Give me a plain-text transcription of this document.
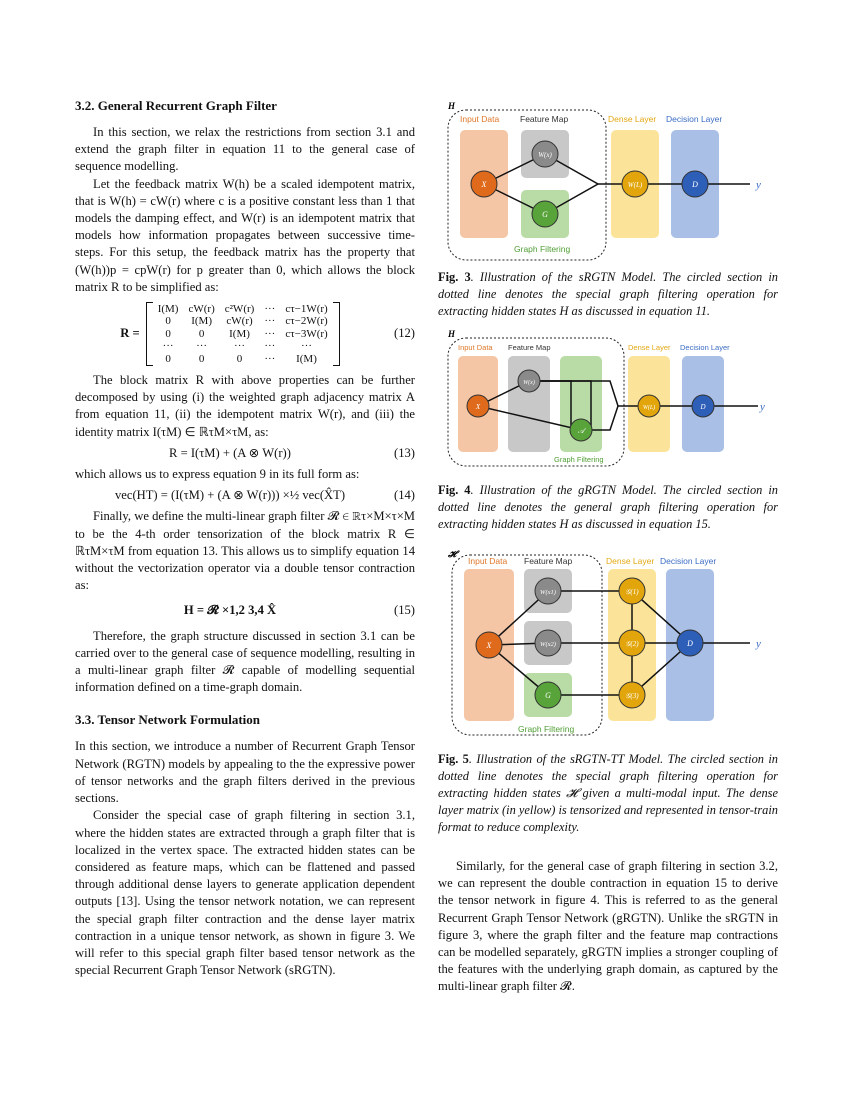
3.2. General Recurrent Graph Filter

In this section, we relax the restrictions from section 3.1 and extend the graph filter in equation 11 to the general case of sequence modelling.

Let the feedback matrix W(h) be a scaled idempotent matrix, that is W(h) = cW(r) where c is a positive constant less than 1 that models the damping effect, and W(r) is an idempotent matrix that models how information propagates between successive time-steps. For this setup, the feedback matrix has the property that (W(h))p = cpW(r) for p greater than 0, which allows the block matrix R to be simplified as:

R =
I(M)	cW(r)	c²W(r)	···	cτ−1W(r)
0	I(M)	cW(r)	···	cτ−2W(r)
0	0	I(M)	···	cτ−3W(r)
···	···	···	···	···
0	0	0	···	I(M)
(12)

The block matrix R with above properties can be further decomposed by using (i) the weighted graph adjacency matrix A from equation 11, (ii) the idempotent matrix W(r), and (iii) the identity matrix I(τM) ∈ ℝτM×τM, as:

R = I(τM) + (A ⊗ W(r))	(13)

which allows us to express equation 9 in its full form as:

vec(HT) = (I(τM) + (A ⊗ W(r))) ×½ vec(X̂T)	(14)

Finally, we define the multi-linear graph filter 𝓡 ∈ ℝτ×M×τ×M to be the 4-th order tensorization of the block matrix R ∈ ℝτM×τM from equation 13. This allows us to simplify equation 14 without the vectorization operator via a double tensor contraction as:

H = 𝓡 ×1,2 3,4 X̂	(15)

Therefore, the graph structure discussed in section 3.1 can be carried over to the general case of sequence modelling, resulting in a multi-linear graph filter 𝓡 capable of modelling sequential information defined on a time-graph domain.

3.3. Tensor Network Formulation

In this section, we introduce a number of Recurrent Graph Tensor Network (RGTN) models by appealing to the the expressive power of tensor networks and the graph filters derived in the previous sections.

Consider the special case of graph filtering in section 3.1, where the hidden states are extracted through a graph filter that is localized in the vertex space. The extracted hidden states can be considered as feature maps, which can be flattened and passed through additional dense layers to generate application dependent outputs [13]. Using the tensor network notation, we can represent the special graph filter contraction and the dense layer matrix contraction in a unique tensor network, as shown in figure 3. We will refer to this special graph filter based tensor network as the special Recurrent Graph Tensor Network (sRGTN).

H
Input Data Feature Map	Dense Layer Decision Layer
Graph Filtering
X
W(x)
G
W(L)	D	y

Fig. 3. Illustration of the sRGTN Model. The circled section in dotted line denotes the special graph filtering operation for extracting hidden states H as discussed in equation 11.

H
Input Data Feature Map	Dense Layer Decision Layer
Graph Filtering
X
W(x)
𝒜
W(L)	D	y

Fig. 4. Illustration of the gRGTN Model. The circled section in dotted line denotes the general graph filtering operation for extracting hidden states H as discussed in equation 15.

𝓗
Input Data Feature Map	Dense Layer Decision Layer
Graph Filtering
X
W(x1)
W(x2)
G
𝒢(1)
𝒢(2)
𝒢(3)
D	y

Fig. 5. Illustration of the sRGTN-TT Model. The circled section in dotted line denotes the special graph filtering operation for extracting hidden states 𝓗 given a multi-modal input. The dense layer matrix (in yellow) is tensorized and represented in tensor-train format to reduce complexity.

Similarly, for the general case of graph filtering in section 3.2, we can represent the double contraction in equation 15 to derive the tensor network in figure 4. This is referred to as the general Recurrent Graph Tensor Network (gRGTN). Unlike the sRGTN in figure 3, where the graph filter and the feature map contractions can be modelled separately, gRGTN implies a stronger coupling of the features with the underlying graph domain, as captured by the multi-linear graph filter 𝓡.
